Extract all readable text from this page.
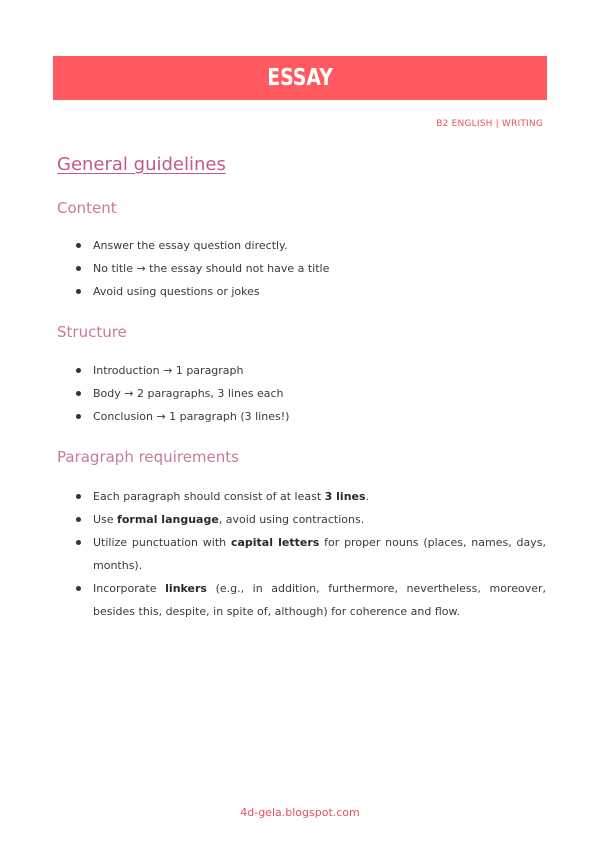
ESSAY
B2 ENGLISH | WRITING
General guidelines
Content
Answer the essay question directly.
No title → the essay should not have a title
Avoid using questions or jokes
Structure
Introduction → 1 paragraph
Body → 2 paragraphs, 3 lines each
Conclusion → 1 paragraph (3 lines!)
Paragraph requirements
Each paragraph should consist of at least 3 lines.
Use formal language, avoid using contractions.
Utilize punctuation with capital letters for proper nouns (places, names, days, months).
Incorporate linkers (e.g., in addition, furthermore, nevertheless, moreover, besides this, despite, in spite of, although) for coherence and flow.
4d-gela.blogspot.com
